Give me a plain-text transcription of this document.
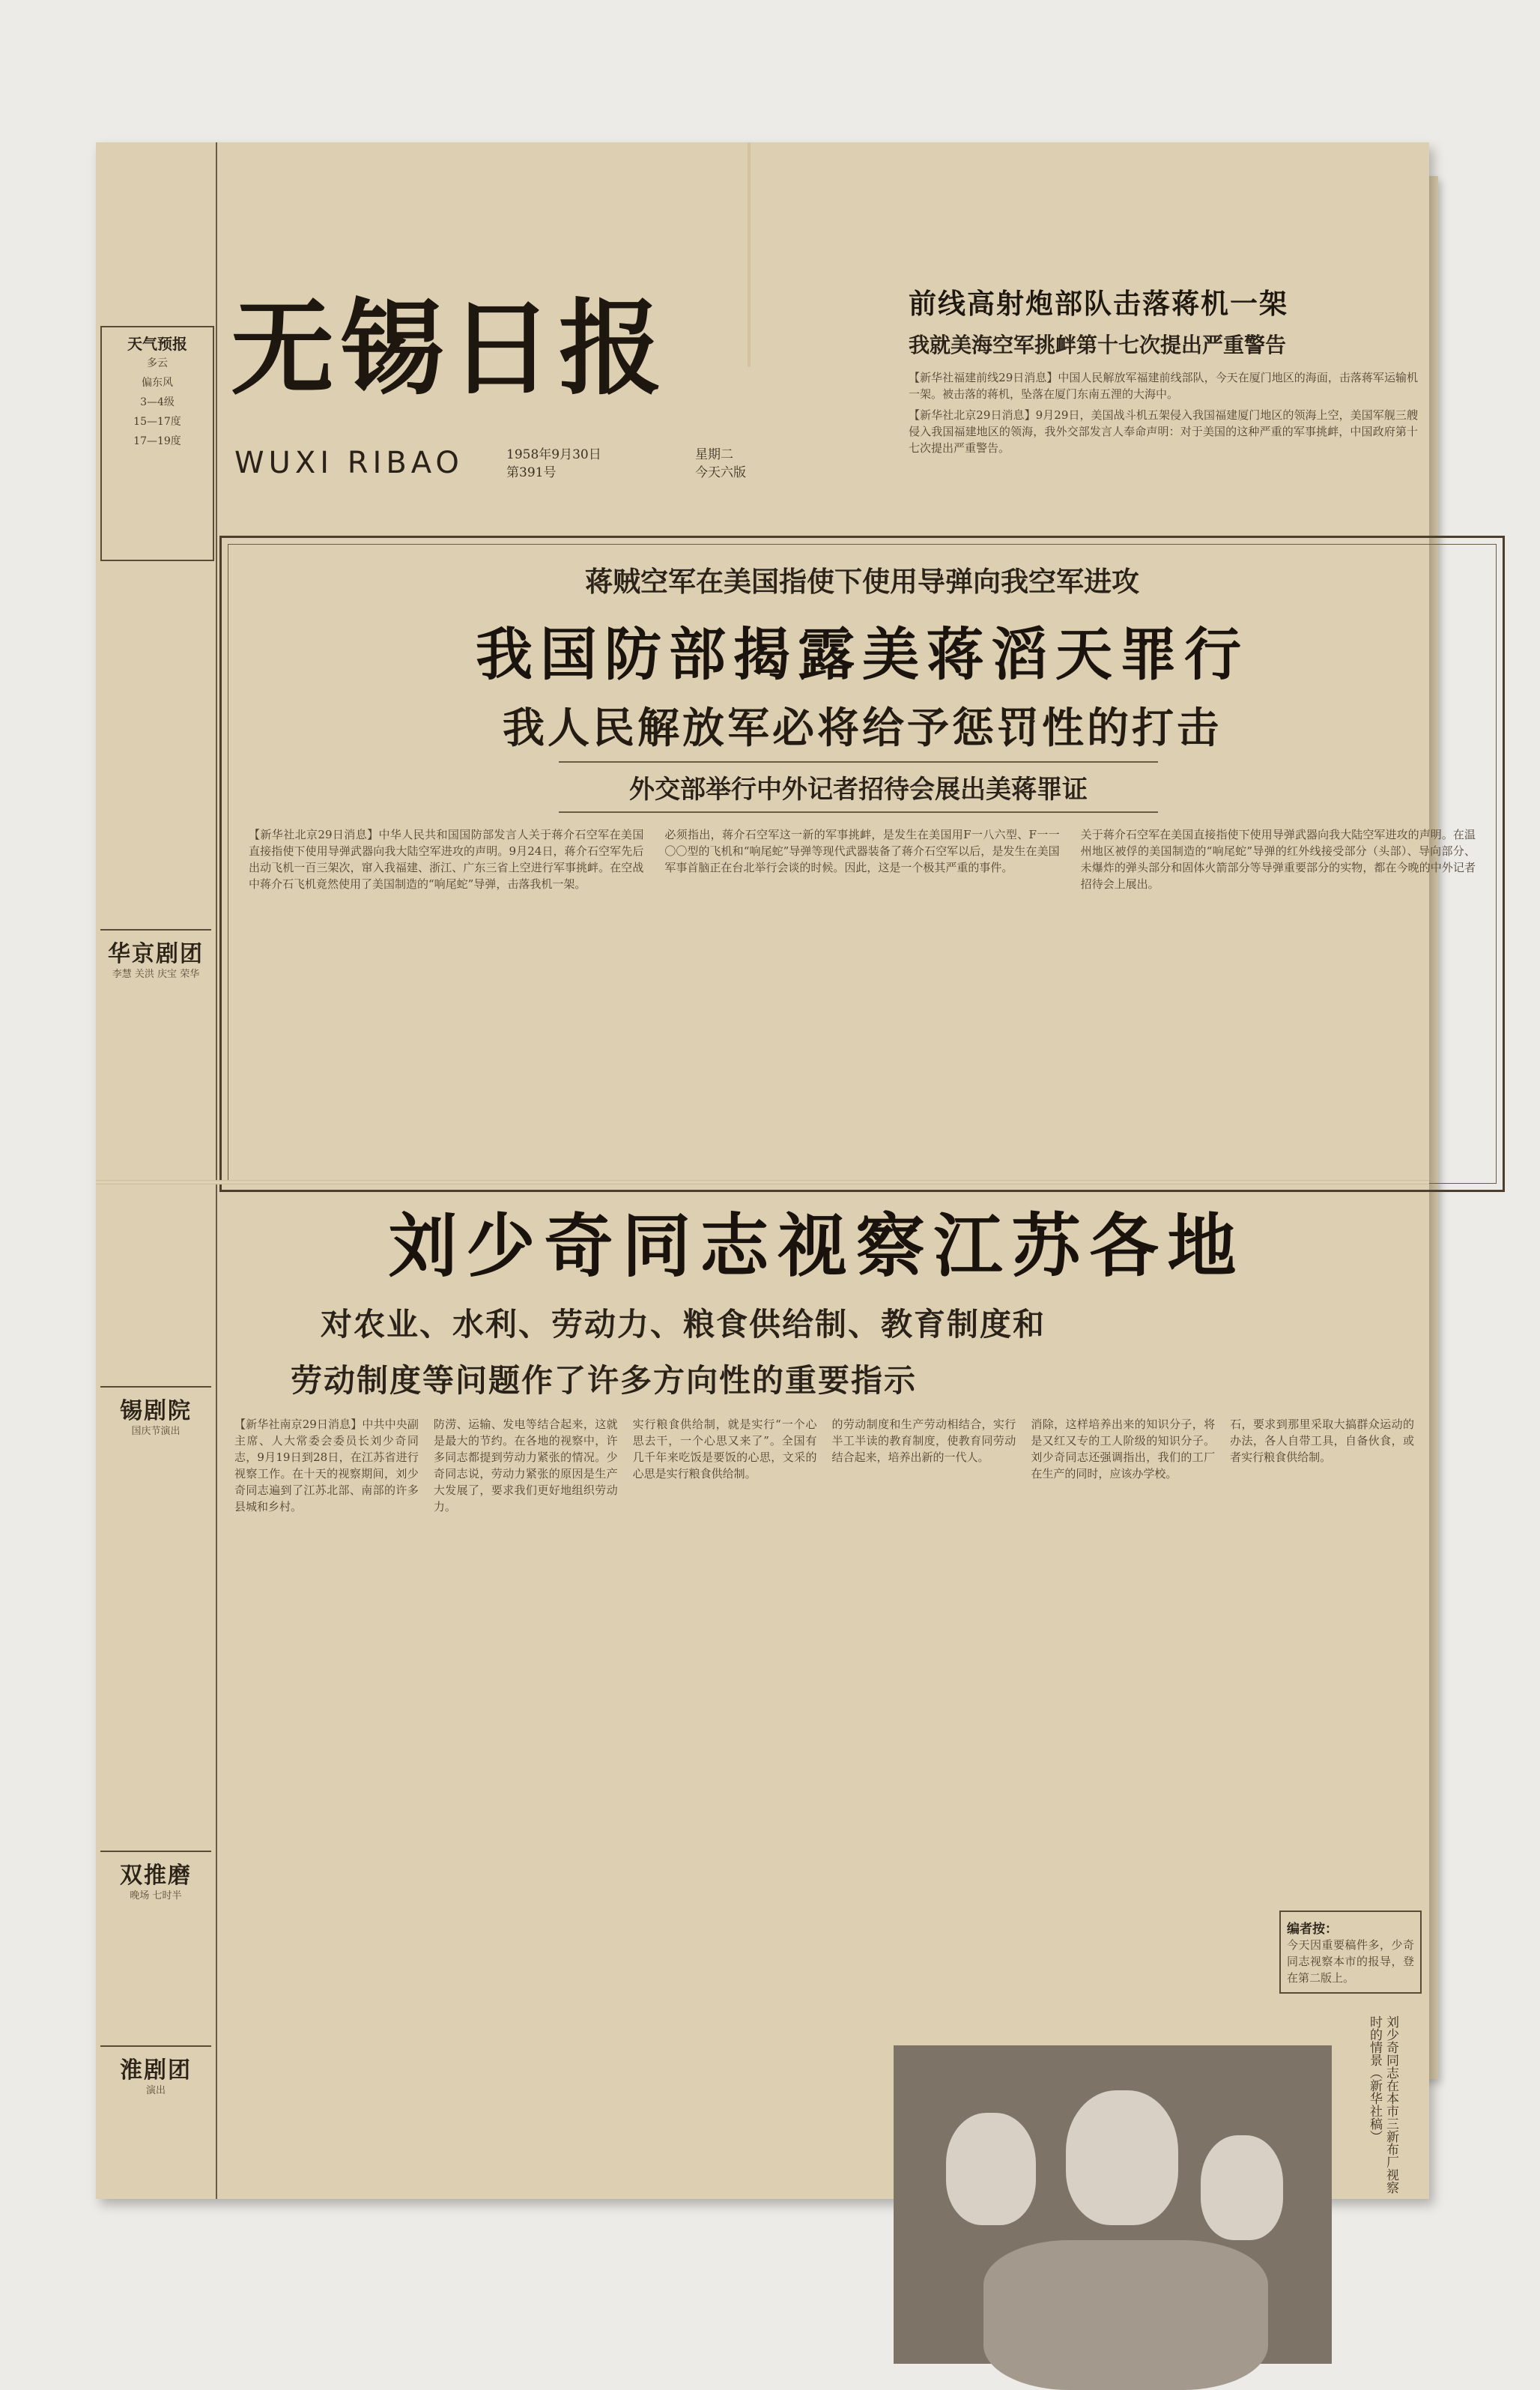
天气预报
多云
偏东风
3—4级
15—17度
17—19度
华京剧团
李慧 关洪 庆宝 荣华
锡剧院
国庆节演出
双推磨
晚场 七时半
淮剧团
演出
无锡日报
WUXI RIBAO	1958年9月30日
第391号
星期二
今天六版
前线高射炮部队击落蒋机一架
我就美海空军挑衅第十七次提出严重警告
【新华社福建前线29日消息】中国人民解放军福建前线部队，今天在厦门地区的海面，击落蒋军运输机一架。被击落的蒋机，坠落在厦门东南五浬的大海中。
【新华社北京29日消息】9月29日，美国战斗机五架侵入我国福建厦门地区的领海上空，美国军舰三艘侵入我国福建地区的领海，我外交部发言人奉命声明：对于美国的这种严重的军事挑衅，中国政府第十七次提出严重警告。
蒋贼空军在美国指使下使用导弹向我空军进攻
我国防部揭露美蒋滔天罪行
我人民解放军必将给予惩罚性的打击
外交部举行中外记者招待会展出美蒋罪证
【新华社北京29日消息】中华人民共和国国防部发言人关于蒋介石空军在美国直接指使下使用导弹武器向我大陆空军进攻的声明。9月24日，蒋介石空军先后出动飞机一百三架次，窜入我福建、浙江、广东三省上空进行军事挑衅。在空战中蒋介石飞机竟然使用了美国制造的“响尾蛇”导弹，击落我机一架。
必须指出，蒋介石空军这一新的军事挑衅，是发生在美国用F一八六型、F一一〇〇型的飞机和“响尾蛇”导弹等现代武器装备了蒋介石空军以后，是发生在美国军事首脑正在台北举行会谈的时候。因此，这是一个极其严重的事件。
关于蒋介石空军在美国直接指使下使用导弹武器向我大陆空军进攻的声明。在温州地区被俘的美国制造的“响尾蛇”导弹的红外线接受部分（头部）、导向部分、未爆炸的弹头部分和固体火箭部分等导弹重要部分的实物，都在今晚的中外记者招待会上展出。
刘少奇同志视察江苏各地
对农业、水利、劳动力、粮食供给制、教育制度和
劳动制度等问题作了许多方向性的重要指示
【新华社南京29日消息】中共中央副主席、人大常委会委员长刘少奇同志，9月19日到28日，在江苏省进行视察工作。在十天的视察期间，刘少奇同志遍到了江苏北部、南部的许多县城和乡村。
防涝、运输、发电等结合起来，这就是最大的节约。在各地的视察中，许多同志都提到劳动力紧张的情况。少奇同志说，劳动力紧张的原因是生产大发展了，要求我们更好地组织劳动力。
实行粮食供给制，就是实行“一个心思去干，一个心思又来了”。全国有几千年来吃饭是要饭的心思，文采的心思是实行粮食供给制。
的劳动制度和生产劳动相结合，实行半工半读的教育制度，使教育同劳动结合起来，培养出新的一代人。
消除，这样培养出来的知识分子，将是又红又专的工人阶级的知识分子。刘少奇同志还强调指出，我们的工厂在生产的同时，应该办学校。
石，要求到那里采取大搞群众运动的办法，各人自带工具，自备伙食，或者实行粮食供给制。
编者按：
今天因重要稿件多，少奇同志视察本市的报导，登在第二版上。
刘少奇同志在本市三新布厂视察时的情景（新华社稿）
